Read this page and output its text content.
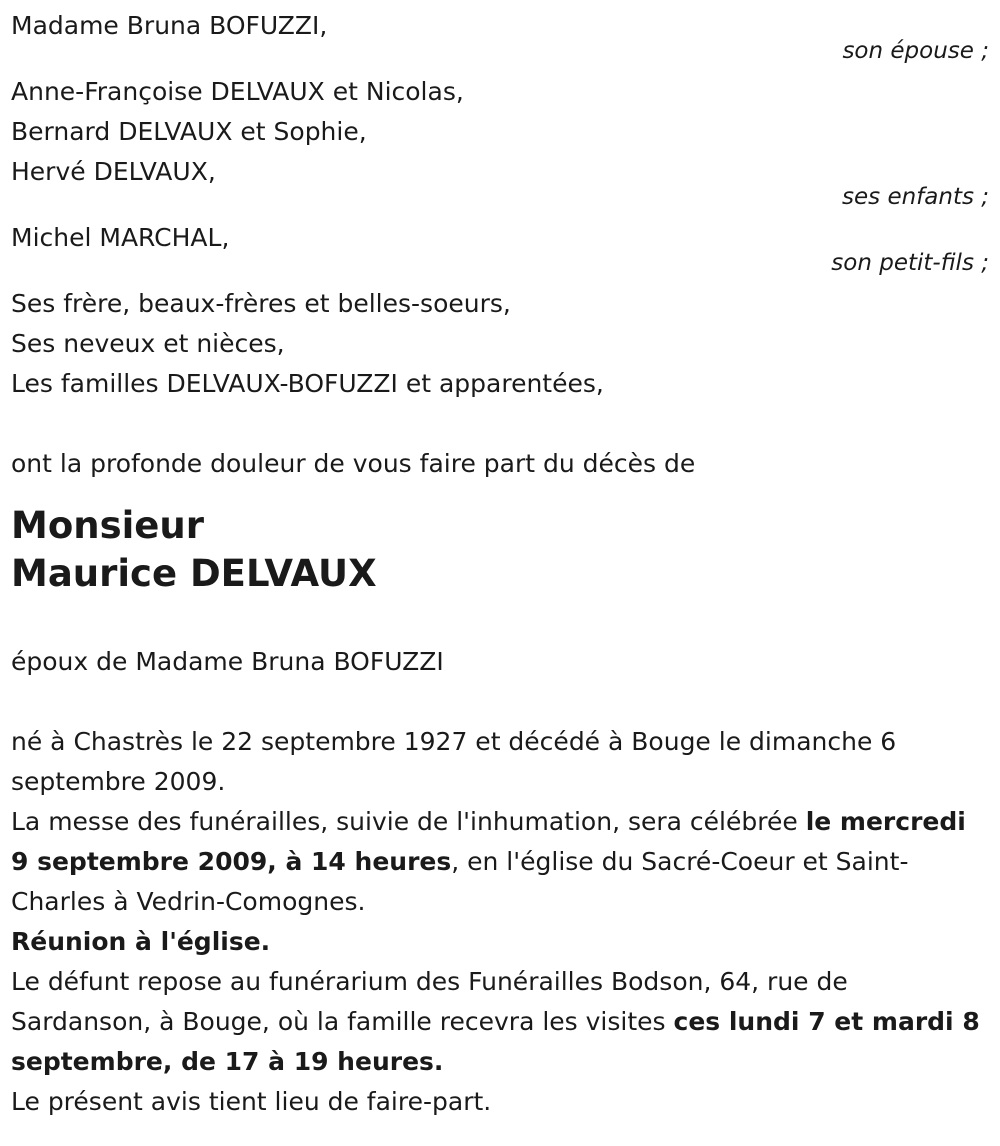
Madame Bruna BOFUZZI,
son épouse ;
Anne-Françoise DELVAUX et Nicolas,
Bernard DELVAUX et Sophie,
Hervé DELVAUX,
ses enfants ;
Michel MARCHAL,
son petit-fils ;
Ses frère, beaux-frères et belles-soeurs,
Ses neveux et nièces,
Les familles DELVAUX-BOFUZZI et apparentées,
ont la profonde douleur de vous faire part du décès de
Monsieur
Maurice DELVAUX
époux de Madame Bruna BOFUZZI
né à Chastrès le 22 septembre 1927 et décédé à Bouge le dimanche 6 septembre 2009.
La messe des funérailles, suivie de l'inhumation, sera célébrée le mercredi 9 septembre 2009, à 14 heures, en l'église du Sacré-Coeur et Saint-Charles à Vedrin-Comognes.
Réunion à l'église.
Le défunt repose au funérarium des Funérailles Bodson, 64, rue de Sardanson, à Bouge, où la famille recevra les visites ces lundi 7 et mardi 8 septembre, de 17 à 19 heures.
Le présent avis tient lieu de faire-part.
